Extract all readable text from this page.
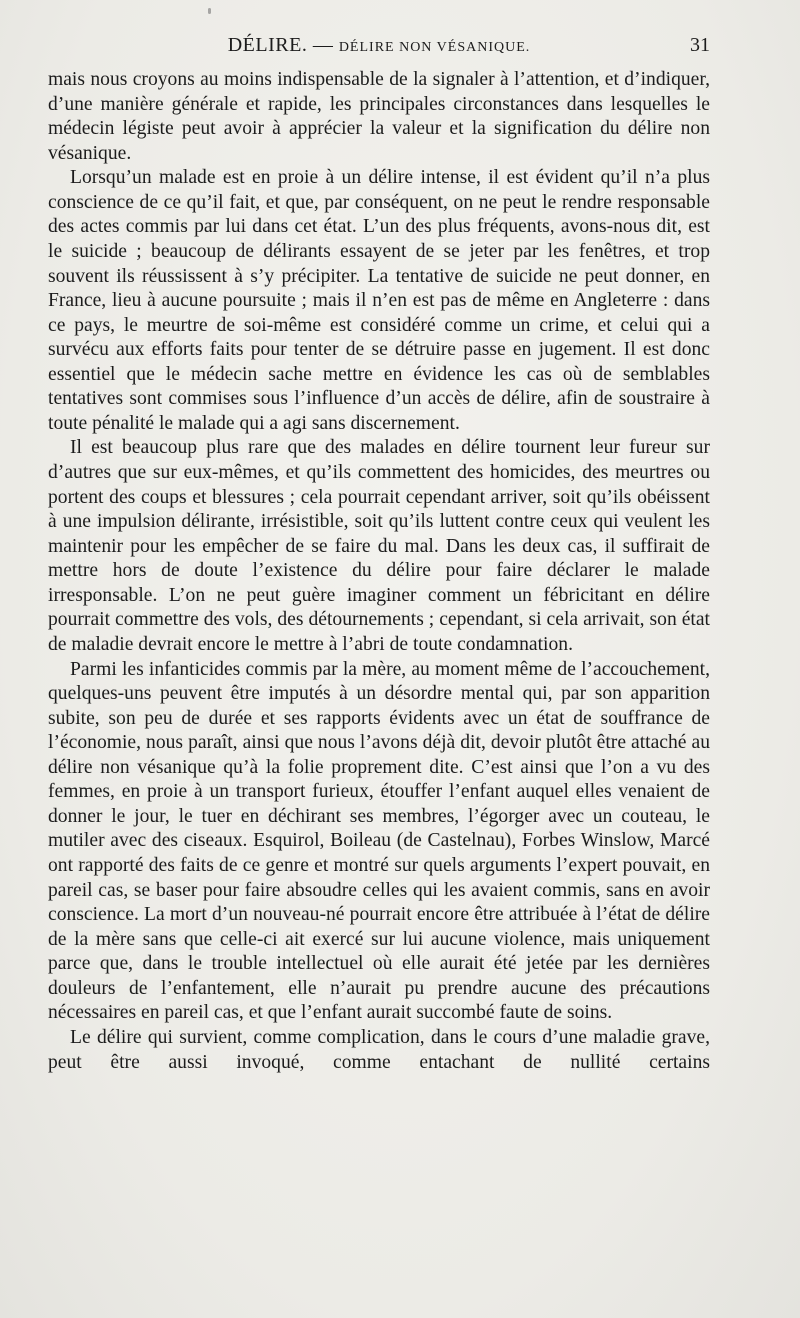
DÉLIRE. — DÉLIRE NON VÉSANIQUE.	31

mais nous croyons au moins indispensable de la signaler à l’attention, et d’indiquer, d’une manière générale et rapide, les principales circonstances dans lesquelles le médecin légiste peut avoir à apprécier la valeur et la signification du délire non vésanique.

Lorsqu’un malade est en proie à un délire intense, il est évident qu’il n’a plus conscience de ce qu’il fait, et que, par conséquent, on ne peut le rendre responsable des actes commis par lui dans cet état. L’un des plus fréquents, avons-nous dit, est le suicide ; beaucoup de délirants essayent de se jeter par les fenêtres, et trop souvent ils réussissent à s’y précipiter. La tentative de suicide ne peut donner, en France, lieu à aucune poursuite ; mais il n’en est pas de même en Angleterre : dans ce pays, le meurtre de soi-même est considéré comme un crime, et celui qui a survécu aux efforts faits pour tenter de se détruire passe en jugement. Il est donc essentiel que le médecin sache mettre en évidence les cas où de semblables tentatives sont commises sous l’influence d’un accès de délire, afin de soustraire à toute pénalité le malade qui a agi sans discernement.

Il est beaucoup plus rare que des malades en délire tournent leur fureur sur d’autres que sur eux-mêmes, et qu’ils commettent des homicides, des meurtres ou portent des coups et blessures ; cela pourrait cependant arriver, soit qu’ils obéissent à une impulsion délirante, irrésistible, soit qu’ils luttent contre ceux qui veulent les maintenir pour les empêcher de se faire du mal. Dans les deux cas, il suffirait de mettre hors de doute l’existence du délire pour faire déclarer le malade irresponsable. L’on ne peut guère imaginer comment un fébricitant en délire pourrait commettre des vols, des détournements ; cependant, si cela arrivait, son état de maladie devrait encore le mettre à l’abri de toute condamnation.

Parmi les infanticides commis par la mère, au moment même de l’accouchement, quelques-uns peuvent être imputés à un désordre mental qui, par son apparition subite, son peu de durée et ses rapports évidents avec un état de souffrance de l’économie, nous paraît, ainsi que nous l’avons déjà dit, devoir plutôt être attaché au délire non vésanique qu’à la folie proprement dite. C’est ainsi que l’on a vu des femmes, en proie à un transport furieux, étouffer l’enfant auquel elles venaient de donner le jour, le tuer en déchirant ses membres, l’égorger avec un couteau, le mutiler avec des ciseaux. Esquirol, Boileau (de Castelnau), Forbes Winslow, Marcé ont rapporté des faits de ce genre et montré sur quels arguments l’expert pouvait, en pareil cas, se baser pour faire absoudre celles qui les avaient commis, sans en avoir conscience. La mort d’un nouveau-né pourrait encore être attribuée à l’état de délire de la mère sans que celle-ci ait exercé sur lui aucune violence, mais uniquement parce que, dans le trouble intellectuel où elle aurait été jetée par les dernières douleurs de l’enfantement, elle n’aurait pu prendre aucune des précautions nécessaires en pareil cas, et que l’enfant aurait succombé faute de soins.

Le délire qui survient, comme complication, dans le cours d’une maladie grave, peut être aussi invoqué, comme entachant de nullité certains
